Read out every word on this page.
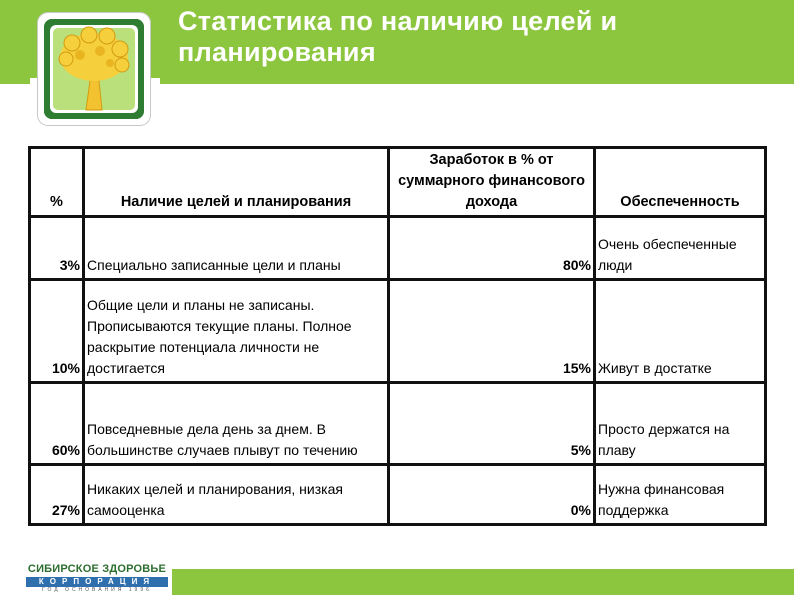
Статистика по наличию целей и планирования
%	Наличие целей и планирования	Заработок в % от суммарного финансового дохода	Обеспеченность
3%	Специально записанные цели и планы	80%	Очень обеспеченные люди
10%	Общие цели и планы не записаны. Прописываются текущие планы. Полное раскрытие потенциала личности не достигается	15%	Живут в достатке
60%	Повседневные дела день за днем. В большинстве случаев плывут по течению	5%	Просто держатся на плаву
27%	Никаких целей и планирования, низкая самооценка	0%	Нужна финансовая поддержка
СИБИРСКОЕ ЗДОРОВЬЕ
КОРПОРАЦИЯ
ГОД ОСНОВАНИЯ 1996
